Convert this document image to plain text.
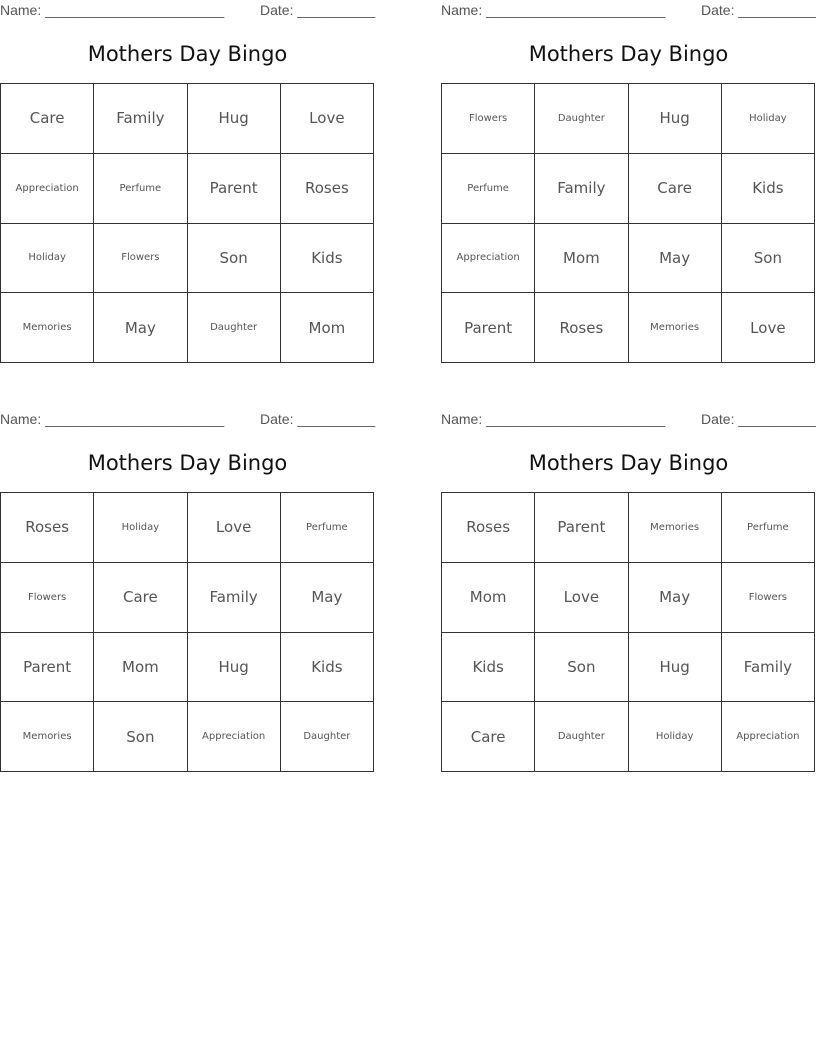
Name: _______________________	Date: __________
Mothers Day Bingo
Care	Family	Hug	Love
Appreciation	Perfume	Parent	Roses
Holiday	Flowers	Son	Kids
Memories	May	Daughter	Mom
Name: _______________________	Date: __________
Mothers Day Bingo
Flowers	Daughter	Hug	Holiday
Perfume	Family	Care	Kids
Appreciation	Mom	May	Son
Parent	Roses	Memories	Love
Name: _______________________	Date: __________
Mothers Day Bingo
Roses	Holiday	Love	Perfume
Flowers	Care	Family	May
Parent	Mom	Hug	Kids
Memories	Son	Appreciation	Daughter
Name: _______________________	Date: __________
Mothers Day Bingo
Roses	Parent	Memories	Perfume
Mom	Love	May	Flowers
Kids	Son	Hug	Family
Care	Daughter	Holiday	Appreciation
